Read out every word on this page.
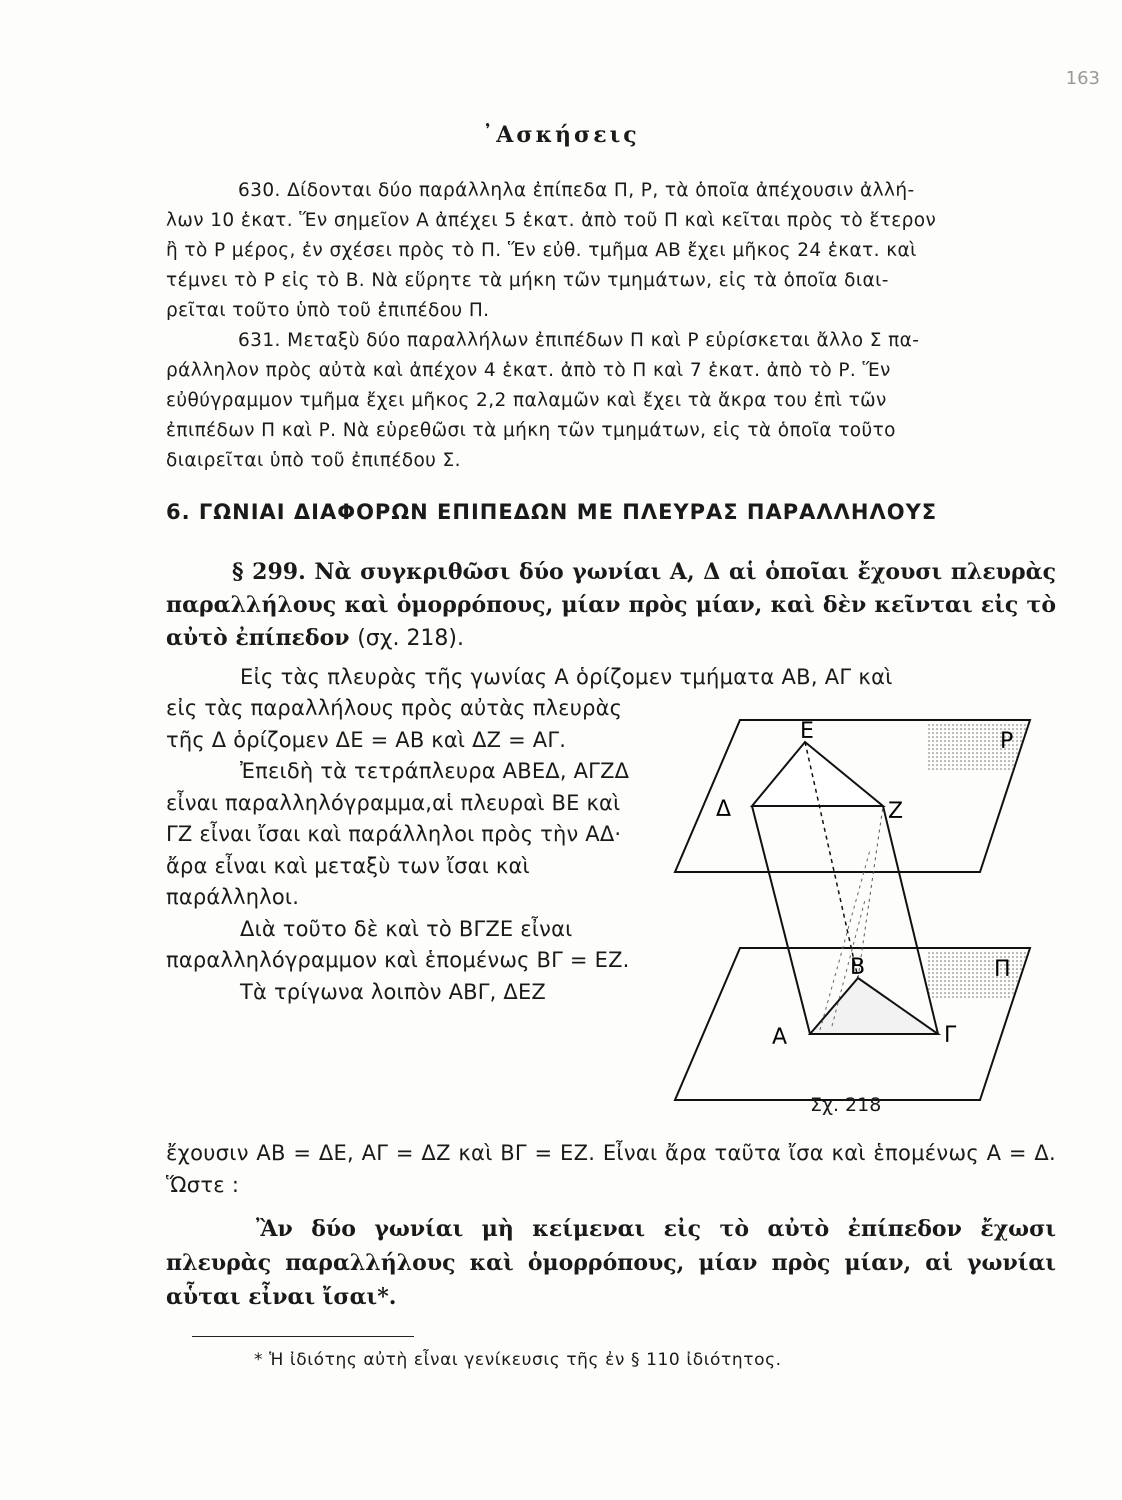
163
᾿Ασκήσεις

630. Δίδονται δύο παράλληλα ἐπίπεδα Π, Ρ, τὰ ὁποῖα ἀπέχουσιν ἀλλή-

λων 10 ἑκατ. Ἕν σημεῖον Α ἀπέχει 5 ἑκατ. ἀπὸ τοῦ Π καὶ κεῖται πρὸς τὸ ἕτερον

ἢ τὸ Ρ μέρος, ἐν σχέσει πρὸς τὸ Π. Ἕν εὐθ. τμῆμα ΑΒ ἔχει μῆκος 24 ἑκατ. καὶ

τέμνει τὸ Ρ εἰς τὸ Β. Νὰ εὕρητε τὰ μήκη τῶν τμημάτων, εἰς τὰ ὁποῖα διαι-

ρεῖται τοῦτο ὑπὸ τοῦ ἐπιπέδου Π.

631. Μεταξὺ δύο παραλλήλων ἐπιπέδων Π καὶ Ρ εὑρίσκεται ἄλλο Σ πα-

ράλληλον πρὸς αὐτὰ καὶ ἀπέχον 4 ἑκατ. ἀπὸ τὸ Π καὶ 7 ἑκατ. ἀπὸ τὸ Ρ. Ἕν

εὐθύγραμμον τμῆμα ἔχει μῆκος 2,2 παλαμῶν καὶ ἔχει τὰ ἄκρα του ἐπὶ τῶν

ἐπιπέδων Π καὶ Ρ. Νὰ εὑρεθῶσι τὰ μήκη τῶν τμημάτων, εἰς τὰ ὁποῖα τοῦτο

διαιρεῖται ὑπὸ τοῦ ἐπιπέδου Σ.

6. ΓΩΝΙΑΙ ΔΙΑΦΟΡΩΝ ΕΠΙΠΕΔΩΝ ΜΕ ΠΛΕΥΡΑΣ ΠΑΡΑΛΛΗΛΟΥΣ
§ 299. Νὰ συγκριθῶσι δύο γωνίαι Α, Δ αἱ ὁποῖαι ἔχουσι πλευρὰς παραλλήλους καὶ ὁμορρόπους, μίαν πρὸς μίαν, καὶ δὲν κεῖνται εἰς τὸ αὐτὸ ἐπίπεδον (σχ. 218).
Εἰς τὰς πλευρὰς τῆς γωνίας Α ὁρίζομεν τμήματα ΑΒ, ΑΓ καὶ

εἰς τὰς παραλλήλους πρὸς αὐτὰς πλευρὰς τῆς Δ ὁρίζομεν ΔΕ = ΑΒ καὶ ΔΖ = ΑΓ.

Ἐπειδὴ τὰ τετράπλευρα ΑΒΕΔ, ΑΓΖΔ εἶναι παραλληλόγραμμα,αἱ πλευραὶ ΒΕ καὶ ΓΖ εἶναι ἴσαι καὶ παράλληλοι πρὸς τὴν ΑΔ· ἄρα εἶναι καὶ μεταξὺ των ἴσαι καὶ παράλληλοι.

Διὰ τοῦτο δὲ καὶ τὸ ΒΓΖΕ εἶναι παραλληλόγραμμον καὶ ἑπομένως ΒΓ = ΕΖ.

Τὰ τρίγωνα λοιπὸν ΑΒΓ, ΔΕΖ

Ε
Δ	Ζ
Ρ
Β
Α	Γ
Π
Σχ. 218

ἔχουσιν ΑΒ = ΔΕ, ΑΓ = ΔΖ καὶ ΒΓ = ΕΖ. Εἶναι ἄρα ταῦτα ἴσα καὶ ἑπομένως Α = Δ. Ὥστε :

Ἂν δύο γωνίαι μὴ κείμεναι εἰς τὸ αὐτὸ ἐπίπεδον ἔχωσι πλευρὰς παραλλήλους καὶ ὁμορρόπους, μίαν πρὸς μίαν, αἱ γωνίαι αὗται εἶναι ἴσαι*.
* Ἡ ἰδιότης αὐτὴ εἶναι γενίκευσις τῆς ἐν § 110 ἰδιότητος.
